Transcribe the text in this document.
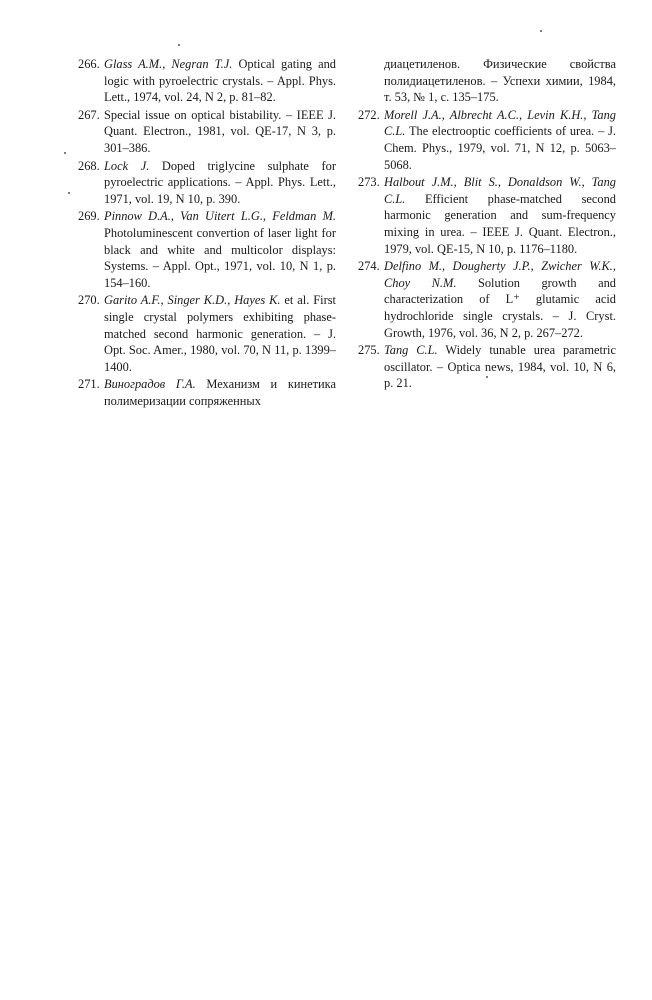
266. Glass A.M., Negran T.J. Optical gating and logic with pyroelectric crystals. – Appl. Phys. Lett., 1974, vol. 24, N 2, p. 81–82.
267. Special issue on optical bistability. – IEEE J. Quant. Electron., 1981, vol. QE-17, N 3, p. 301–386.
268. Lock J. Doped triglycine sulphate for pyroelectric applications. – Appl. Phys. Lett., 1971, vol. 19, N 10, p. 390.
269. Pinnow D.A., Van Uitert L.G., Feldman M. Photoluminescent convertion of laser light for black and white and multicolor displays: Systems. – Appl. Opt., 1971, vol. 10, N 1, p. 154–160.
270. Garito A.F., Singer K.D., Hayes K. et al. First single crystal polymers exhibiting phase-matched second harmonic generation. – J. Opt. Soc. Amer., 1980, vol. 70, N 11, p. 1399–1400.
271. Виноградов Г.А. Механизм и кинетика полимеризации сопряженных
диацетиленов. Физические свойства полидиацетиленов. – Успехи химии, 1984, т. 53, № 1, с. 135–175.
272. Morell J.A., Albrecht A.C., Levin K.H., Tang C.L. The electrooptic coefficients of urea. – J. Chem. Phys., 1979, vol. 71, N 12, p. 5063–5068.
273. Halbout J.M., Blit S., Donaldson W., Tang C.L. Efficient phase-matched second harmonic generation and sum-frequency mixing in urea. – IEEE J. Quant. Electron., 1979, vol. QE-15, N 10, p. 1176–1180.
274. Delfino M., Dougherty J.P., Zwicher W.K., Choy N.M. Solution growth and characterization of L⁺ glutamic acid hydrochloride single crystals. – J. Cryst. Growth, 1976, vol. 36, N 2, p. 267–272.
275. Tang C.L. Widely tunable urea parametric oscillator. – Optica news, 1984, vol. 10, N 6, p. 21.
